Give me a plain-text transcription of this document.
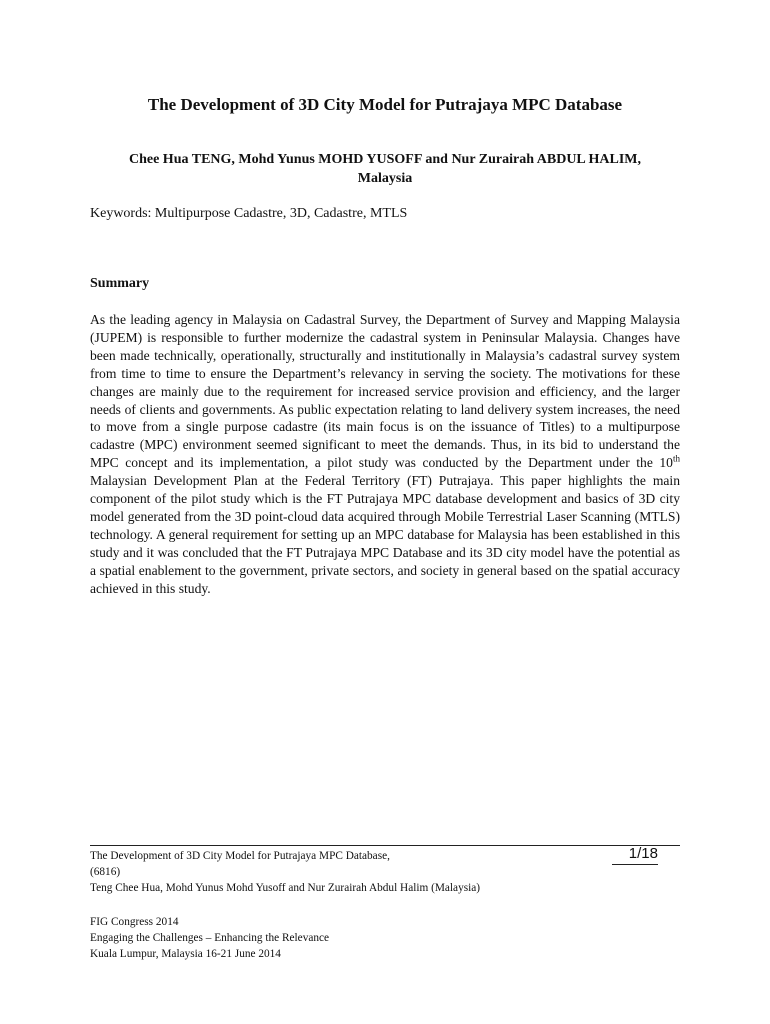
The Development of 3D City Model for Putrajaya MPC Database
Chee Hua TENG, Mohd Yunus MOHD YUSOFF and Nur Zurairah ABDUL HALIM,
Malaysia
Keywords: Multipurpose Cadastre, 3D, Cadastre, MTLS
Summary
As the leading agency in Malaysia on Cadastral Survey, the Department of Survey and Mapping Malaysia (JUPEM) is responsible to further modernize the cadastral system in Peninsular Malaysia. Changes have been made technically, operationally, structurally and institutionally in Malaysia’s cadastral survey system from time to time to ensure the Department’s relevancy in serving the society. The motivations for these changes are mainly due to the requirement for increased service provision and efficiency, and the larger needs of clients and governments. As public expectation relating to land delivery system increases, the need to move from a single purpose cadastre (its main focus is on the issuance of Titles) to a multipurpose cadastre (MPC) environment seemed significant to meet the demands. Thus, in its bid to understand the MPC concept and its implementation, a pilot study was conducted by the Department under the 10th Malaysian Development Plan at the Federal Territory (FT) Putrajaya. This paper highlights the main component of the pilot study which is the FT Putrajaya MPC database development and basics of 3D city model generated from the 3D point-cloud data acquired through Mobile Terrestrial Laser Scanning (MTLS) technology. A general requirement for setting up an MPC database for Malaysia has been established in this study and it was concluded that the FT Putrajaya MPC Database and its 3D city model have the potential as a spatial enablement to the government, private sectors, and society in general based on the spatial accuracy achieved in this study.
The Development of 3D City Model for Putrajaya MPC Database,
(6816)
Teng Chee Hua, Mohd Yunus Mohd Yusoff and Nur Zurairah Abdul Halim (Malaysia)
1/18
FIG Congress 2014
Engaging the Challenges – Enhancing the Relevance
Kuala Lumpur, Malaysia 16-21 June 2014
